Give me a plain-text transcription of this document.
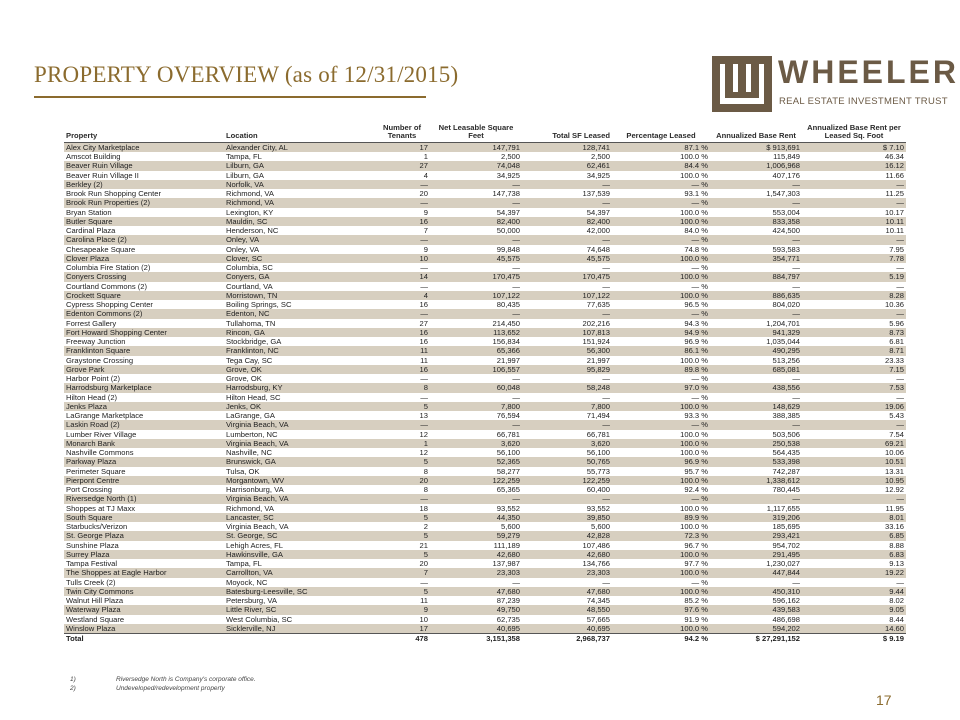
PROPERTY OVERVIEW (as of 12/31/2015)	WHEELER
REAL ESTATE INVESTMENT TRUST
Property	Location	Number of Tenants	Net Leasable Square Feet	Total SF Leased	Percentage Leased	Annualized Base Rent	Annualized Base Rent per Leased Sq. Foot
Alex City Marketplace	Alexander City, AL	17	147,791	128,741	87.1 %	$ 913,691	$ 7.10
Amscot Building	Tampa, FL	1	2,500	2,500	100.0 %	115,849	46.34
Beaver Ruin Village	Lilburn, GA	27	74,048	62,461	84.4 %	1,006,968	16.12
Beaver Ruin Village II	Lilburn, GA	4	34,925	34,925	100.0 %	407,176	11.66
Berkley (2)	Norfolk, VA	—	—	—	— %	—	—
Brook Run Shopping Center	Richmond, VA	20	147,738	137,539	93.1 %	1,547,303	11.25
Brook Run Properties (2)	Richmond, VA	—	—	—	— %	—	—
Bryan Station	Lexington, KY	9	54,397	54,397	100.0 %	553,004	10.17
Butler Square	Mauldin, SC	16	82,400	82,400	100.0 %	833,358	10.11
Cardinal Plaza	Henderson, NC	7	50,000	42,000	84.0 %	424,500	10.11
Carolina Place (2)	Onley, VA	—	—	—	— %	—	—
Chesapeake Square	Onley, VA	9	99,848	74,648	74.8 %	593,583	7.95
Clover Plaza	Clover, SC	10	45,575	45,575	100.0 %	354,771	7.78
Columbia Fire Station (2)	Columbia, SC	—	—	—	— %	—	—
Conyers Crossing	Conyers, GA	14	170,475	170,475	100.0 %	884,797	5.19
Courtland Commons (2)	Courtland, VA	—	—	—	— %	—	—
Crockett Square	Morristown, TN	4	107,122	107,122	100.0 %	886,635	8.28
Cypress Shopping Center	Boiling Springs, SC	16	80,435	77,635	96.5 %	804,020	10.36
Edenton Commons (2)	Edenton, NC	—	—	—	— %	—	—
Forrest Gallery	Tullahoma, TN	27	214,450	202,216	94.3 %	1,204,701	5.96
Fort Howard Shopping Center	Rincon, GA	16	113,652	107,813	94.9 %	941,329	8.73
Freeway Junction	Stockbridge, GA	16	156,834	151,924	96.9 %	1,035,044	6.81
Franklinton Square	Franklinton, NC	11	65,366	56,300	86.1 %	490,295	8.71
Graystone Crossing	Tega Cay, SC	11	21,997	21,997	100.0 %	513,256	23.33
Grove Park	Grove, OK	16	106,557	95,829	89.8 %	685,081	7.15
Harbor Point (2)	Grove, OK	—	—	—	— %	—	—
Harrodsburg Marketplace	Harrodsburg, KY	8	60,048	58,248	97.0 %	438,556	7.53
Hilton Head (2)	Hilton Head, SC	—	—	—	— %	—	—
Jenks Plaza	Jenks, OK	5	7,800	7,800	100.0 %	148,629	19.06
LaGrange Marketplace	LaGrange, GA	13	76,594	71,494	93.3 %	388,385	5.43
Laskin Road (2)	Virginia Beach, VA	—	—	—	— %	—	—
Lumber River Village	Lumberton, NC	12	66,781	66,781	100.0 %	503,506	7.54
Monarch Bank	Virginia Beach, VA	1	3,620	3,620	100.0 %	250,538	69.21
Nashville Commons	Nashville, NC	12	56,100	56,100	100.0 %	564,435	10.06
Parkway Plaza	Brunswick, GA	5	52,365	50,765	96.9 %	533,398	10.51
Perimeter Square	Tulsa, OK	8	58,277	55,773	95.7 %	742,287	13.31
Pierpont Centre	Morgantown, WV	20	122,259	122,259	100.0 %	1,338,612	10.95
Port Crossing	Harrisonburg, VA	8	65,365	60,400	92.4 %	780,445	12.92
Riversedge North (1)	Virginia Beach, VA	—	—	—	— %	—	—
Shoppes at TJ Maxx	Richmond, VA	18	93,552	93,552	100.0 %	1,117,655	11.95
South Square	Lancaster, SC	5	44,350	39,850	89.9 %	319,206	8.01
Starbucks/Verizon	Virginia Beach, VA	2	5,600	5,600	100.0 %	185,695	33.16
St. George Plaza	St. George, SC	5	59,279	42,828	72.3 %	293,421	6.85
Sunshine Plaza	Lehigh Acres, FL	21	111,189	107,486	96.7 %	954,702	8.88
Surrey Plaza	Hawkinsville, GA	5	42,680	42,680	100.0 %	291,495	6.83
Tampa Festival	Tampa, FL	20	137,987	134,766	97.7 %	1,230,027	9.13
The Shoppes at Eagle Harbor	Carrollton, VA	7	23,303	23,303	100.0 %	447,844	19.22
Tulls Creek (2)	Moyock, NC	—	—	—	— %	—	—
Twin City Commons	Batesburg-Leesville, SC	5	47,680	47,680	100.0 %	450,310	9.44
Walnut Hill Plaza	Petersburg, VA	11	87,239	74,345	85.2 %	596,162	8.02
Waterway Plaza	Little River, SC	9	49,750	48,550	97.6 %	439,583	9.05
Westland Square	West Columbia, SC	10	62,735	57,665	91.9 %	486,698	8.44
Winslow Plaza	Sicklerville, NJ	17	40,695	40,695	100.0 %	594,202	14.60
Total		478	3,151,358	2,968,737	94.2 %	$ 27,291,152	$ 9.19
1)	Riversedge North is Company's corporate office.
2)	Undeveloped/redevelopment property
17
